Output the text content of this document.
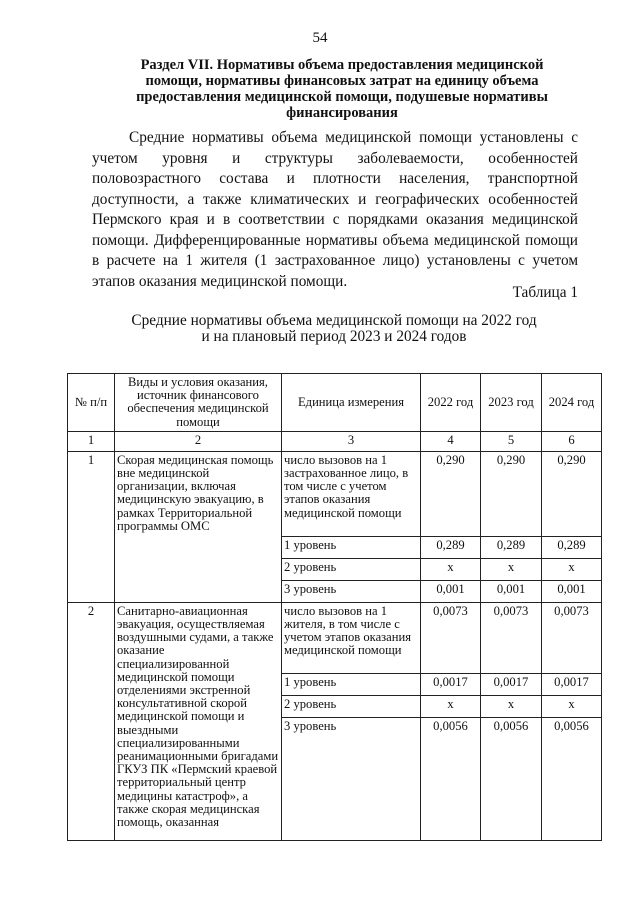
54
Раздел VII. Нормативы объема предоставления медицинской
помощи, нормативы финансовых затрат на единицу объема
предоставления медицинской помощи, подушевые нормативы
финансирования

Средние нормативы объема медицинской помощи установлены с учетом уровня и структуры заболеваемости, особенностей половозрастного состава и плотности населения, транспортной доступности, а также климатических и географических особенностей Пермского края и в соответствии с порядками оказания медицинской помощи. Дифференцированные нормативы объема медицинской помощи в расчете на 1 жителя (1 застрахованное лицо) установлены с учетом этапов оказания медицинской помощи.

Таблица 1
Средние нормативы объема медицинской помощи на 2022 год
и на плановый период 2023 и 2024 годов
№ п/п	Виды и условия оказания, источник финансового обеспечения медицинской помощи	Единица измерения	2022 год	2023 год	2024 год
1	2	3	4	5	6
1	Скорая медицинская помощь вне медицинской организации, включая медицинскую эвакуацию, в рамках Территориальной программы ОМС	число вызовов на 1 застрахованное лицо, в том числе с учетом этапов оказания медицинской помощи	0,290	0,290	0,290
		1 уровень	0,289	0,289	0,289
		2 уровень	х	х	х
		3 уровень	0,001	0,001	0,001
2	Санитарно-авиационная эвакуация, осуществляемая воздушными судами, а также оказание специализированной медицинской помощи отделениями экстренной консультативной скорой медицинской помощи и выездными специализированными реанимационными бригадами ГКУЗ ПК «Пермский краевой территориальный центр медицины катастроф», а также скорая медицинская помощь, оказанная	число вызовов на 1 жителя, в том числе с учетом этапов оказания медицинской помощи	0,0073	0,0073	0,0073
		1 уровень	0,0017	0,0017	0,0017
		2 уровень	х	х	х
		3 уровень	0,0056	0,0056	0,0056
